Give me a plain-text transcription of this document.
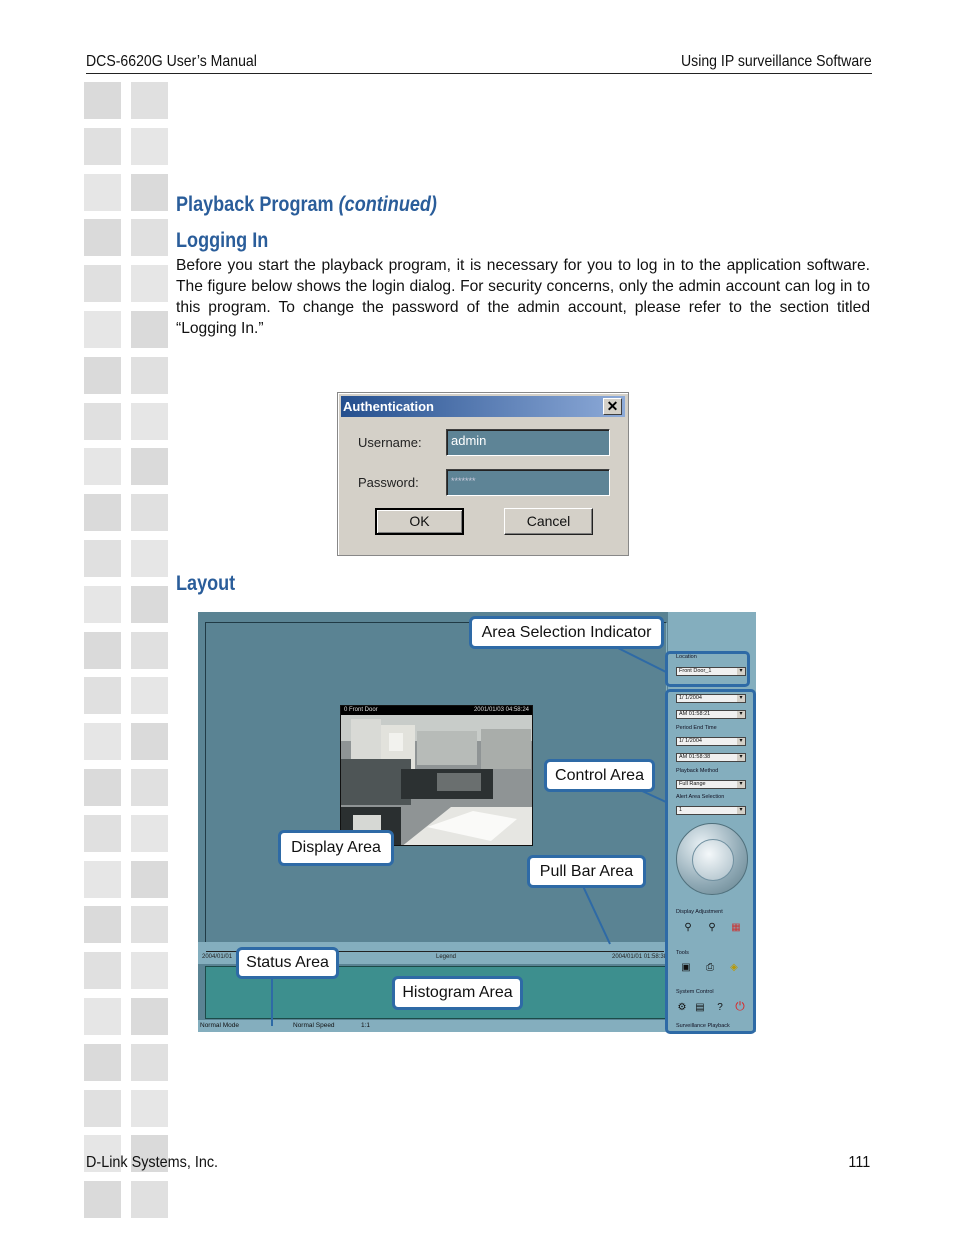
DCS-6620G User’s Manual	Using IP surveillance Software
Playback Program (continued)
Logging In

Before you start the playback program, it is necessary for you to log in to the application software. The figure below shows the login dialog. For security concerns, only the admin account can log in to this program. To change the password of the admin account, please refer to the section titled “Logging In.”

Authentication	✕
Username:	admin
Password:	*******
OK	Cancel
Layout
0 Front Door	2001/01/03 04:58:24
Location
Front Door_1 ▾
1/ 1/2004 ▾
AM 01:58:21 ▾
Period End Time
1/ 1/2004 ▾
AM 01:58:38 ▾
Playback Method
Full Range ▾
Alert Area Selection
1 ▾
Display Adjustment
⚲ ⚲ ▦
Tools
▣ ⎙ ◈
System Control
⚙ ▤	? ⏻
Surveillance Playback
2004/01/01	Legend	2004/01/01 01:58:38
Normal Mode	Normal Speed	1:1
Area Selection Indicator
Control Area
Display Area
Pull Bar Area
Status Area
Histogram Area
D-Link Systems, Inc.	111
